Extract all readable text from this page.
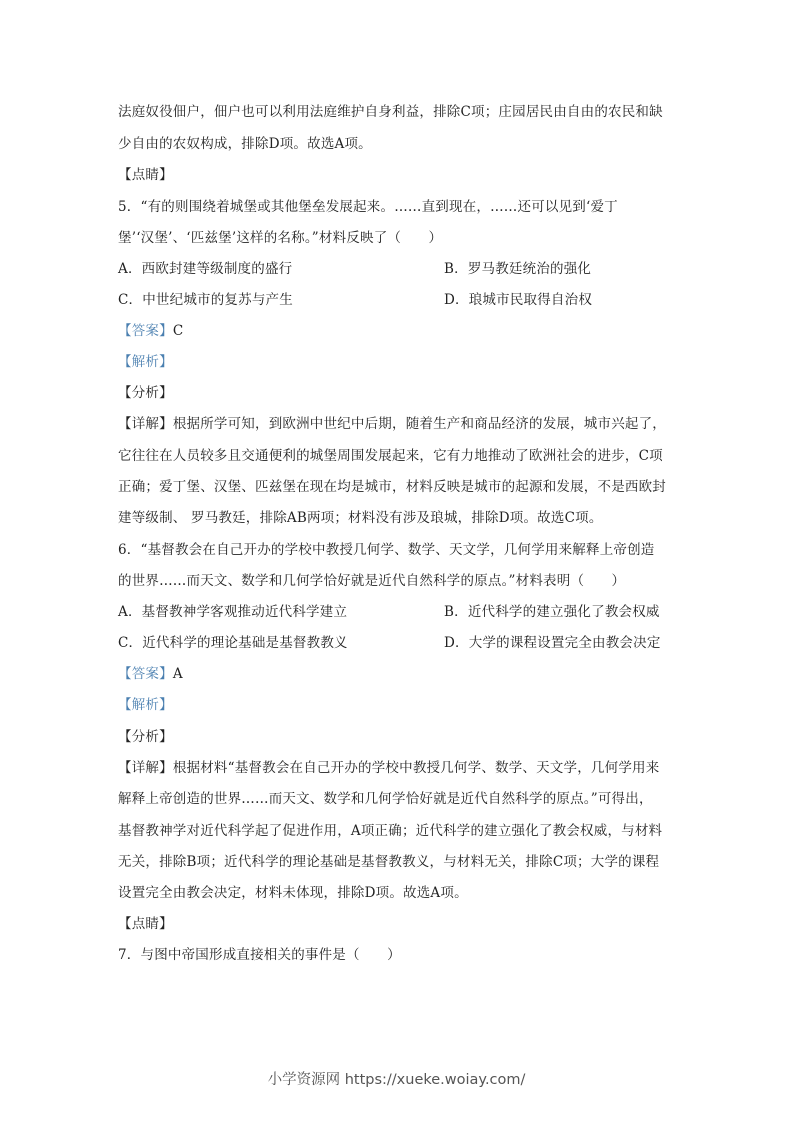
法庭奴役佃户，佃户也可以利用法庭维护自身利益，排除C项；庄园居民由自由的农民和缺
少自由的农奴构成，排除D项。故选A项。
【点睛】
5．“有的则围绕着城堡或其他堡垒发展起来。……直到现在，……还可以见到‘爱丁
堡’‘汉堡’、‘匹兹堡’这样的名称。”材料反映了（　　）
A．西欧封建等级制度的盛行	B．罗马教廷统治的强化
C．中世纪城市的复苏与产生	D．琅城市民取得自治权
【答案】C
【解析】
【分析】
【详解】根据所学可知，到欧洲中世纪中后期，随着生产和商品经济的发展，城市兴起了，
它往往在人员较多且交通便利的城堡周围发展起来，它有力地推动了欧洲社会的进步，C项
正确；爱丁堡、汉堡、匹兹堡在现在均是城市，材料反映是城市的起源和发展，不是西欧封
建等级制、 罗马教廷，排除AB两项；材料没有涉及琅城，排除D项。故选C项。
6．“基督教会在自己开办的学校中教授几何学、数学、天文学，几何学用来解释上帝创造
的世界……而天文、数学和几何学恰好就是近代自然科学的原点。”材料表明（　　）
A．基督教神学客观推动近代科学建立	B．近代科学的建立强化了教会权威
C．近代科学的理论基础是基督教教义	D．大学的课程设置完全由教会决定
【答案】A
【解析】
【分析】
【详解】根据材料“基督教会在自己开办的学校中教授几何学、数学、天文学，几何学用来
解释上帝创造的世界……而天文、数学和几何学恰好就是近代自然科学的原点。”可得出，
基督教神学对近代科学起了促进作用，A项正确；近代科学的建立强化了教会权威，与材料
无关，排除B项；近代科学的理论基础是基督教教义，与材料无关，排除C项；大学的课程
设置完全由教会决定，材料未体现，排除D项。故选A项。
【点睛】
7．与图中帝国形成直接相关的事件是（　　）
小学资源网 https://xueke.woiay.com/
